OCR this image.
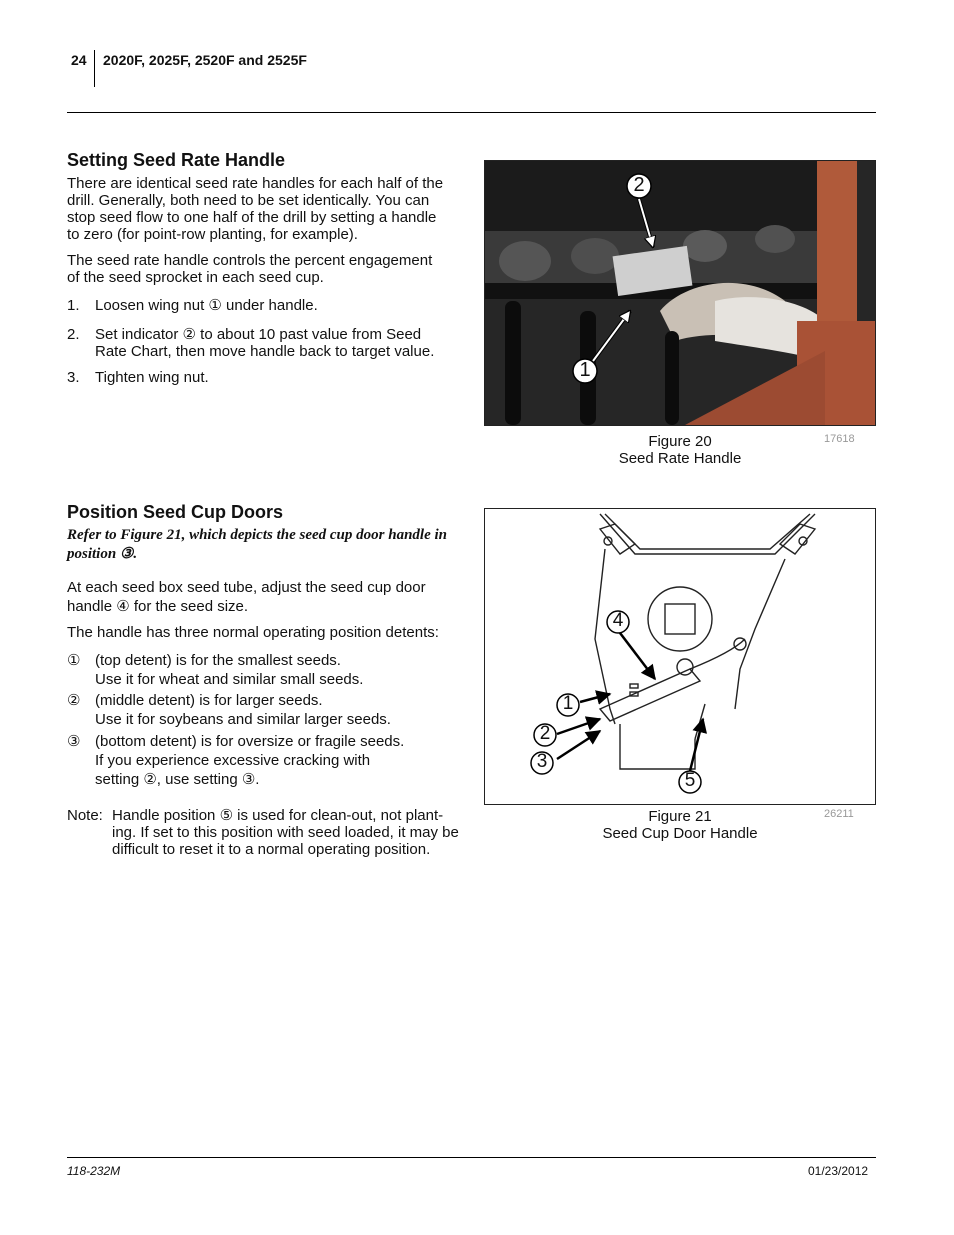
24 2020F, 2025F, 2520F and 2525F
Setting Seed Rate Handle
There are identical seed rate handles for each half of the
drill. Generally, both need to be set identically. You can
stop seed flow to one half of the drill by setting a handle
to zero (for point-row planting, for example).
The seed rate handle controls the percent engagement
of the seed sprocket in each seed cup.
1. Loosen wing nut ① under handle.
2. Set indicator ② to about 10 past value from Seed
Rate Chart, then move handle back to target value.
3. Tighten wing nut.
2
1
Figure 20
Seed Rate Handle
17618
Position Seed Cup Doors
Refer to Figure 21, which depicts the seed cup door handle in
position ③.
At each seed box seed tube, adjust the seed cup door
handle ④ for the seed size.
The handle has three normal operating position detents:
① (top detent) is for the smallest seeds.
Use it for wheat and similar small seeds.
② (middle detent) is for larger seeds.
Use it for soybeans and similar larger seeds.
③ (bottom detent) is for oversize or fragile seeds.
If you experience excessive cracking with
setting ②, use setting ③.
Note: Handle position ⑤ is used for clean-out, not plant-
ing. If set to this position with seed loaded, it may be
difficult to reset it to a normal operating position.
4
1
2
3
5
Figure 21
Seed Cup Door Handle
26211
118-232M	01/23/2012
